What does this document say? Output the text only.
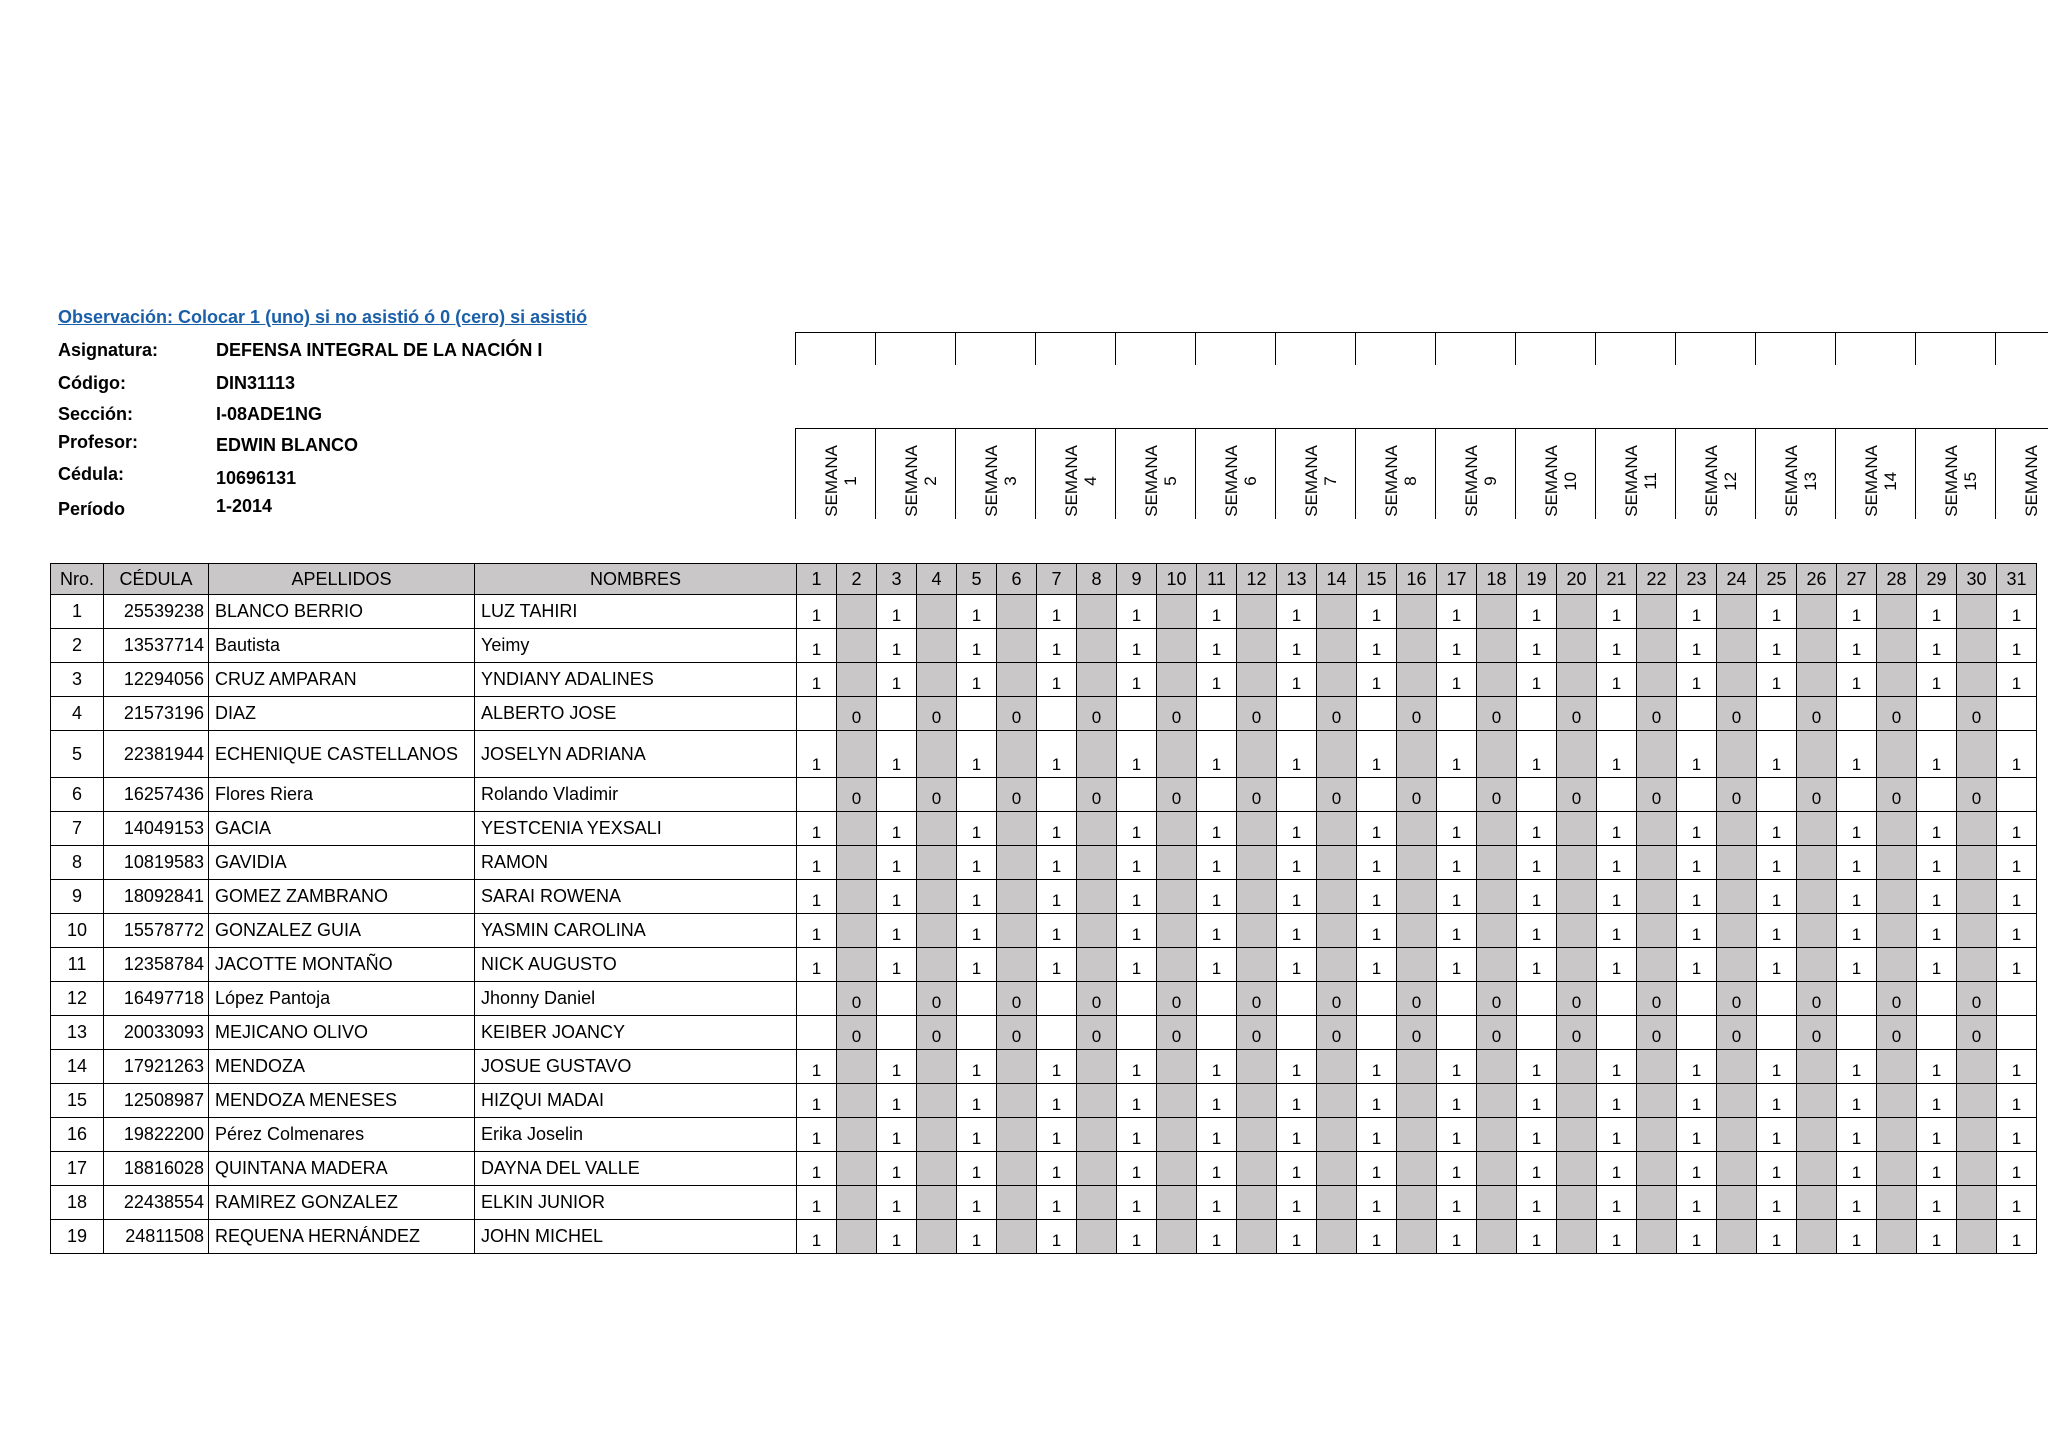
Observación: Colocar 1 (uno) si no asistió ó 0 (cero) si asistió
Asignatura:	DEFENSA INTEGRAL DE LA NACIÓN I
Código:	DIN31113
Sección:	I-08ADE1NG
Profesor:	EDWIN BLANCO
Cédula:	10696131
Período	1-2014	SEMANA
1 SEMANA
2 SEMANA
3 SEMANA
4 SEMANA
5 SEMANA
6 SEMANA
7 SEMANA
8 SEMANA
9 SEMANA
10 SEMANA
11 SEMANA
12 SEMANA
13 SEMANA
14 SEMANA
15 SEMANA
Nro.	CÉDULA	APELLIDOS	NOMBRES	1	2	3	4	5	6	7	8	9	10	11	12	13	14	15	16	17	18	19	20	21	22	23	24	25	26	27	28	29	30	31
1	25539238	BLANCO BERRIO	LUZ TAHIRI	1		1		1		1		1		1		1		1		1		1		1		1		1		1		1		1
2	13537714	Bautista	Yeimy	1		1		1		1		1		1		1		1		1		1		1		1		1		1		1		1
3	12294056	CRUZ AMPARAN	YNDIANY ADALINES	1		1		1		1		1		1		1		1		1		1		1		1		1		1		1		1
4	21573196	DIAZ	ALBERTO JOSE		0		0		0		0		0		0		0		0		0		0		0		0		0		0		0	
5	22381944	ECHENIQUE CASTELLANOS	JOSELYN ADRIANA	1		1		1		1		1		1		1		1		1		1		1		1		1		1		1		1
6	16257436	Flores Riera	Rolando Vladimir		0		0		0		0		0		0		0		0		0		0		0		0		0		0		0	
7	14049153	GACIA	YESTCENIA YEXSALI	1		1		1		1		1		1		1		1		1		1		1		1		1		1		1		1
8	10819583	GAVIDIA	RAMON	1		1		1		1		1		1		1		1		1		1		1		1		1		1		1		1
9	18092841	GOMEZ ZAMBRANO	SARAI ROWENA	1		1		1		1		1		1		1		1		1		1		1		1		1		1		1		1
10	15578772	GONZALEZ GUIA	YASMIN CAROLINA	1		1		1		1		1		1		1		1		1		1		1		1		1		1		1		1
11	12358784	JACOTTE MONTAÑO	NICK AUGUSTO	1		1		1		1		1		1		1		1		1		1		1		1		1		1		1		1
12	16497718	López Pantoja	Jhonny Daniel		0		0		0		0		0		0		0		0		0		0		0		0		0		0		0	
13	20033093	MEJICANO OLIVO	KEIBER JOANCY		0		0		0		0		0		0		0		0		0		0		0		0		0		0		0	
14	17921263	MENDOZA	JOSUE GUSTAVO	1		1		1		1		1		1		1		1		1		1		1		1		1		1		1		1
15	12508987	MENDOZA MENESES	HIZQUI MADAI	1		1		1		1		1		1		1		1		1		1		1		1		1		1		1		1
16	19822200	Pérez Colmenares	Erika Joselin	1		1		1		1		1		1		1		1		1		1		1		1		1		1		1		1
17	18816028	QUINTANA MADERA	DAYNA DEL VALLE	1		1		1		1		1		1		1		1		1		1		1		1		1		1		1		1
18	22438554	RAMIREZ GONZALEZ	ELKIN JUNIOR	1		1		1		1		1		1		1		1		1		1		1		1		1		1		1		1
19	24811508	REQUENA HERNÁNDEZ	JOHN MICHEL	1		1		1		1		1		1		1		1		1		1		1		1		1		1		1		1
